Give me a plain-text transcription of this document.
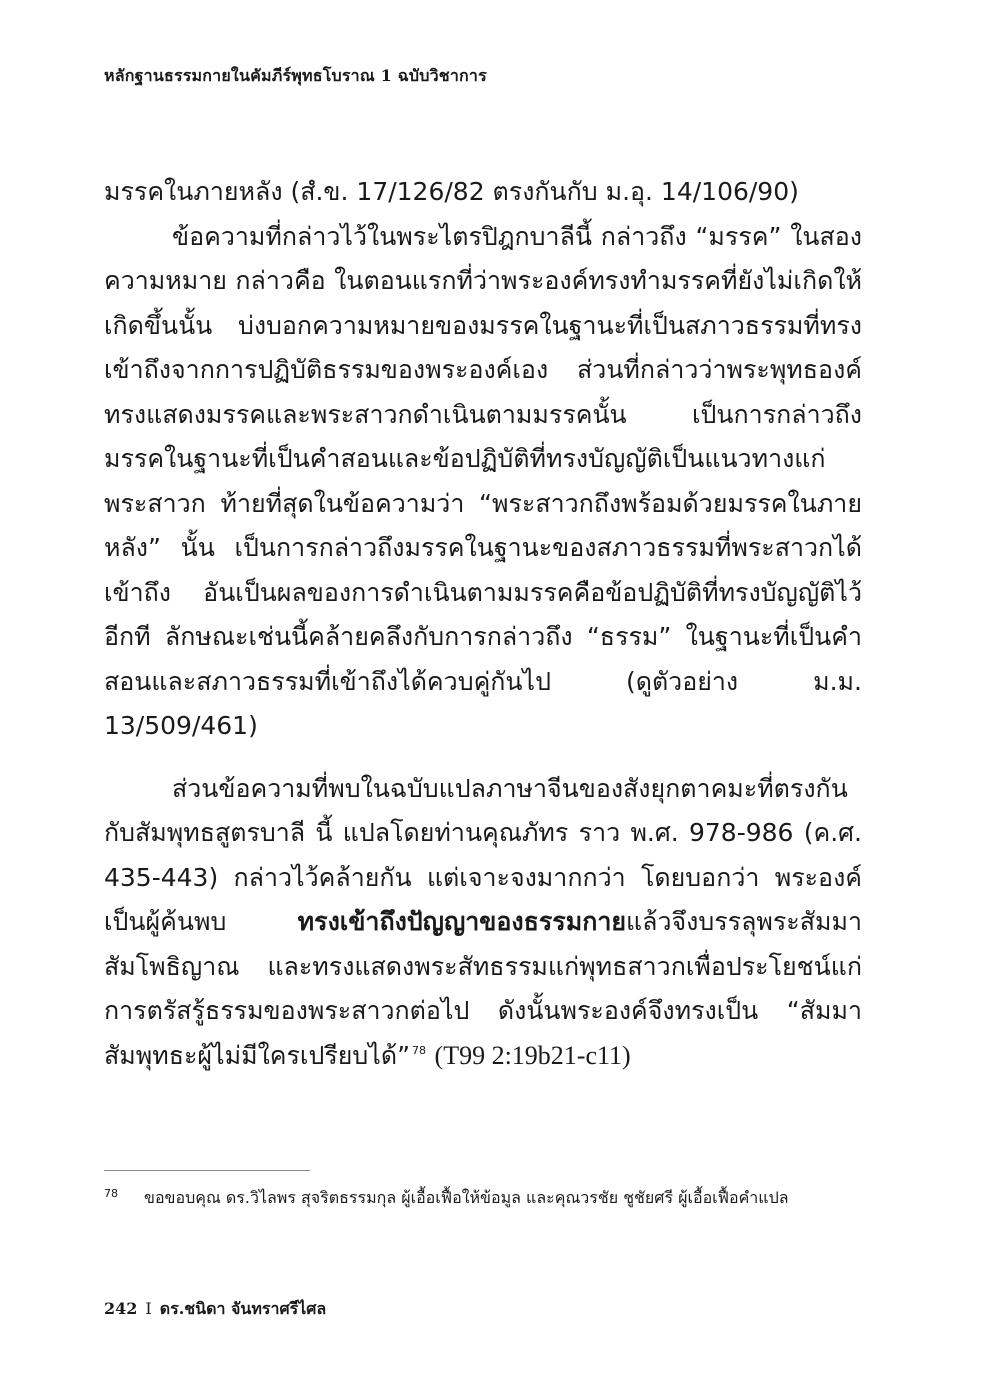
หลักฐานธรรมกายในคัมภีร์พุทธโบราณ 1 ฉบับวิชาการ

มรรคในภายหลัง (สํ.ข. 17/126/82 ตรงกันกับ ม.อุ. 14/106/90)

ข้อความที่กล่าวไว้ในพระไตรปิฎกบาลีนี้ กล่าวถึง “มรรค” ในสองความหมาย กล่าวคือ ในตอนแรกที่ว่าพระองค์ทรงทำมรรคที่ยังไม่เกิดให้เกิดขึ้นนั้น บ่งบอกความหมายของมรรคในฐานะที่เป็นสภาวธรรมที่ทรงเข้าถึงจากการปฏิบัติธรรมของพระองค์เอง ส่วนที่กล่าวว่าพระพุทธองค์ทรงแสดงมรรคและพระสาวกดำเนินตามมรรคนั้น เป็นการกล่าวถึงมรรคในฐานะที่เป็นคำสอนและข้อปฏิบัติที่ทรงบัญญัติเป็นแนวทางแก่พระสาวก ท้ายที่สุดในข้อความว่า “พระสาวกถึงพร้อมด้วยมรรคในภายหลัง” นั้น เป็นการกล่าวถึงมรรคในฐานะของสภาวธรรมที่พระสาวกได้เข้าถึง อันเป็นผลของการดำเนินตามมรรคคือข้อปฏิบัติที่ทรงบัญญัติไว้อีกที ลักษณะเช่นนี้คล้ายคลึงกับการกล่าวถึง “ธรรม” ในฐานะที่เป็นคำสอนและสภาวธรรมที่เข้าถึงได้ควบคู่กันไป (ดูตัวอย่าง ม.ม. 13/509/461)

ส่วนข้อความที่พบในฉบับแปลภาษาจีนของสังยุกตาคมะที่ตรงกันกับสัมพุทธสูตรบาลี นี้ แปลโดยท่านคุณภัทร ราว พ.ศ. 978-986 (ค.ศ. 435-443) กล่าวไว้คล้ายกัน แต่เจาะจงมากกว่า โดยบอกว่า พระองค์เป็นผู้ค้นพบ ทรงเข้าถึงปัญญาของธรรมกายแล้วจึงบรรลุพระสัมมาสัมโพธิญาณ และทรงแสดงพระสัทธรรมแก่พุทธสาวกเพื่อประโยชน์แก่การตรัสรู้ธรรมของพระสาวกต่อไป ดังนั้นพระองค์จึงทรงเป็น “สัมมาสัมพุทธะผู้ไม่มีใครเปรียบได้” $^{78}$ (T99 2:19b21-c11)

78 ขอขอบคุณ ดร.วิไลพร สุจริตธรรมกุล ผู้เอื้อเฟื้อให้ข้อมูล และคุณวรชัย ชูชัยศรี ผู้เอื้อเฟื้อคำแปล
242 I ดร.ชนิดา จันทราศรีไศล
